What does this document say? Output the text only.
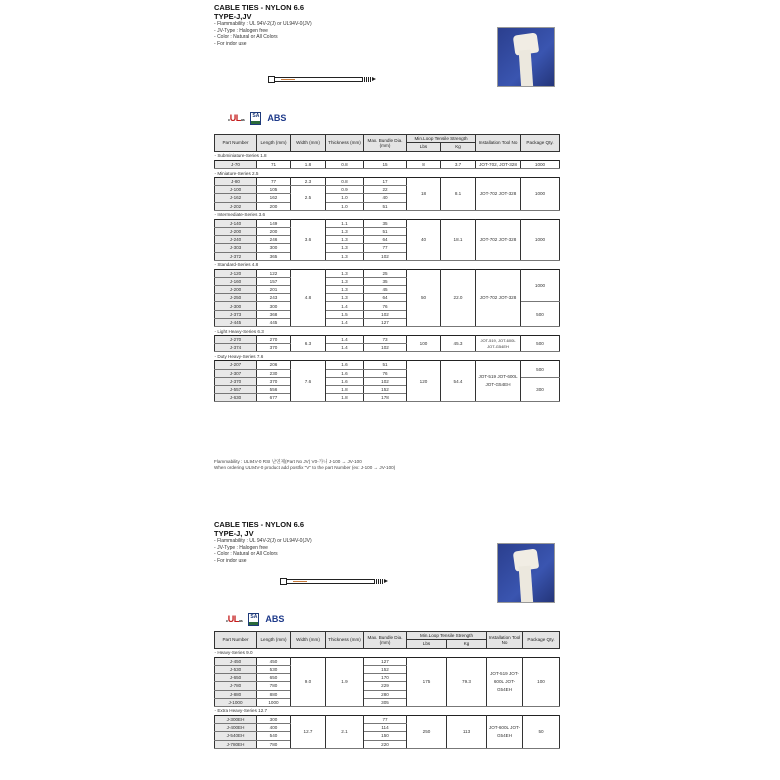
CABLE TIES - NYLON 6.6
TYPE-J,JV
- Flammability : UL 94V-2(J) or UL94V-0(JV)
- JV-Type : Halogen free
- Color : Natural or All Colors
- For indor use
cULus
SA ABS
Part Number	Length (mm)	Width (mm)	Thickness (mm)	Max. Bundle Dia. (mm)	Min.Loop Tensile Strength		Installation Tool No	Package Qty.
					Lbs	Kg		
- Subminiature-Series 1.8
J-70	71	1.8	0.8	15	8	3.7	JOT-702, JOT-328	1000
- Miniature-Series 2.5
J-80	77	2.3	0.8	17	18	8.1	JOT-702 JOT-328	1000
J-100	105	2.5	0.9	22				
J-162	162		1.0	40				
J-202	200		1.0	51				
- Intermediate-Series 3.6
J-140	149	3.6	1.1	35	40	18.1	JOT-702 JOT-328	1000
J-200	200		1.3	51				
J-240	246		1.3	64				
J-303	300		1.3	77				
J-372	365		1.3	102				
- Standard-Series 4.8
J-120	122	4.8	1.3	25	50	22.0	JOT-702 JOT-328	1000
J-160	157		1.3	35				
J-200	201		1.3	45				
J-250	243		1.3	64				
J-300	300		1.4	76				500
J-373	368		1.5	102				
J-445	445		1.4	127				
- Light Heavy-Series 6.3
J-270	270	6.3	1.4	73	100	45.3	JOT-519, JOT-600L JOT-G54EH	500
J-374	370		1.4	102				
- Duty Heavy-Series 7.6
J-207	206	7.6	1.6	51	120	54.4	JOT-519 JOT-600L JOT-G54EH	500
J-307	230		1.6	76				
J-370	370		1.6	102				300
J-557	556		1.8	152				
J-630	677		1.8	178				
Flammability : UL94V-0 RSI 난연제(Part No JV) V0-가니 J-100 → JV-100
When ordering UL94V-0 product add postfix "V" to the part Number (ex: J-100 → JV-100)
CABLE TIES - NYLON 6.6
TYPE-J, JV
- Flammability : UL 94V-2(J) or UL94V-0(JV)
- JV-Type : Halogen free
- Color : Natural or All Colors
- For indor use
cULus
SA ABS
Part Number	Length (mm)	Width (mm)	Thickness (mm)	Max. Bundle Dia. (mm)	Min.Loop Tensile Strength		Installation Tool No	Package Qty.
					Lbs	Kg		
- Heavy-Series 9.0
J-450	450	9.0	1.9	127	175	79.3	JOT-519 JOT-600L JOT-G54EH	100
J-530	530			152				
J-650	650			170				
J-780	780			229				
J-880	880			280				
J-1000	1000			305				
- Extra Heavy-Series 12.7
J-300EH	300	12.7	2.1	77	250	113	JOT-600L JOT-G54EH	50
J-400EH	400			114				
J-540EH	540			150				
J-780EH	780			220				
